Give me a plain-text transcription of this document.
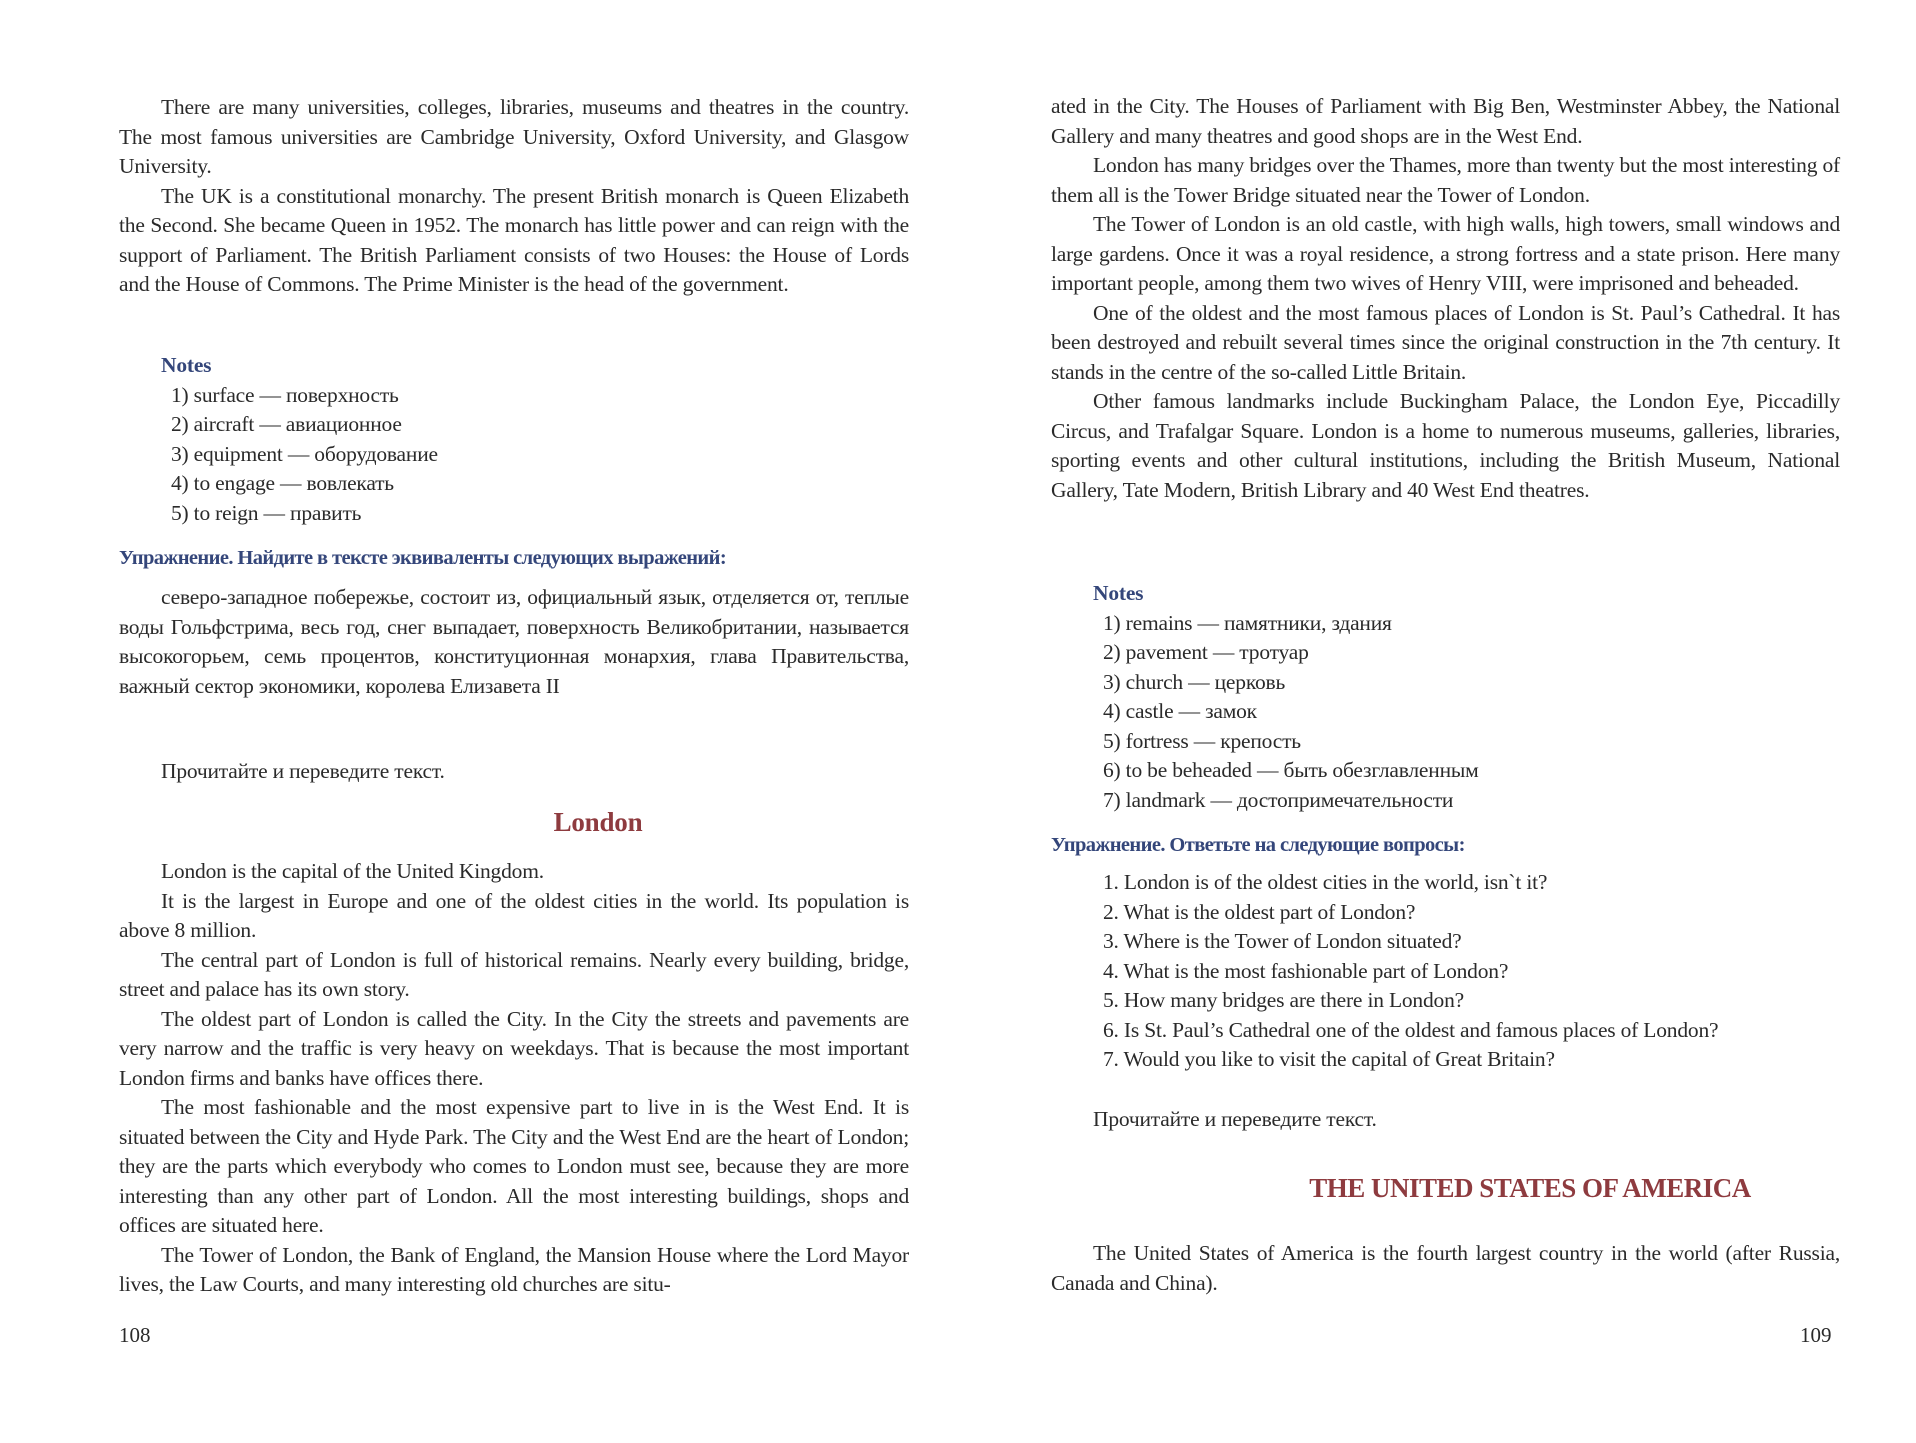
There are many universities, colleges, libraries, museums and theatres in the country. The most famous universities are Cambridge University, Oxford University, and Glasgow University.

The UK is a constitutional monarchy. The present British monarch is Queen Elizabeth the Second. She became Queen in 1952. The monarch has little power and can reign with the support of Parliament. The British Parliament consists of two Houses: the House of Lords and the House of Commons. The Prime Minister is the head of the government.

Notes
1) surface — поверхность
2) aircraft — авиационное
3) equipment — оборудование
4) to engage — вовлекать
5) to reign — править
Упражнение. Найдите в тексте эквиваленты следующих выражений:

северо-западное побережье, состоит из, официальный язык, отделяется от, теплые воды Гольфстрима, весь год, снег выпадает, поверхность Великобритании, называется высокогорьем, семь процентов, конституционная монархия, глава Правительства, важный сектор экономики, королева Елизавета II

Прочитайте и переведите текст.

London

London is the capital of the United Kingdom.

It is the largest in Europe and one of the oldest cities in the world. Its population is above 8 million.

The central part of London is full of historical remains. Nearly every building, bridge, street and palace has its own story.

The oldest part of London is called the City. In the City the streets and pavements are very narrow and the traffic is very heavy on weekdays. That is because the most important London firms and banks have offices there.

The most fashionable and the most expensive part to live in is the West End. It is situated between the City and Hyde Park. The City and the West End are the heart of London; they are the parts which everybody who comes to London must see, because they are more interesting than any other part of London. All the most interesting buildings, shops and offices are situated here.

The Tower of London, the Bank of England, the Mansion House where the Lord Mayor lives, the Law Courts, and many interesting old churches are situ-

108

ated in the City. The Houses of Parliament with Big Ben, Westminster Abbey, the National Gallery and many theatres and good shops are in the West End.

London has many bridges over the Thames, more than twenty but the most interesting of them all is the Tower Bridge situated near the Tower of London.

The Tower of London is an old castle, with high walls, high towers, small windows and large gardens. Once it was a royal residence, a strong fortress and a state prison. Here many important people, among them two wives of Henry VIII, were imprisoned and beheaded.

One of the oldest and the most famous places of London is St. Paul’s Cathedral. It has been destroyed and rebuilt several times since the original construction in the 7th century. It stands in the centre of the so-called Little Britain.

Other famous landmarks include Buckingham Palace, the London Eye, Piccadilly Circus, and Trafalgar Square. London is a home to numerous museums, galleries, libraries, sporting events and other cultural institutions, including the British Museum, National Gallery, Tate Modern, British Library and 40 West End theatres.

Notes
1) remains — памятники, здания
2) pavement — тротуар
3) church — церковь
4) castle — замок
5) fortress — крепость
6) to be beheaded — быть обезглавленным
7) landmark — достопримечательности
Упражнение. Ответьте на следующие вопросы:
1. London is of the oldest cities in the world, isn`t it?
2. What is the oldest part of London?
3. Where is the Tower of London situated?
4. What is the most fashionable part of London?
5. How many bridges are there in London?
6. Is St. Paul’s Cathedral one of the oldest and famous places of London?
7. Would you like to visit the capital of Great Britain?

Прочитайте и переведите текст.

THE UNITED STATES OF AMERICA

The United States of America is the fourth largest country in the world (after Russia, Canada and China).

109
